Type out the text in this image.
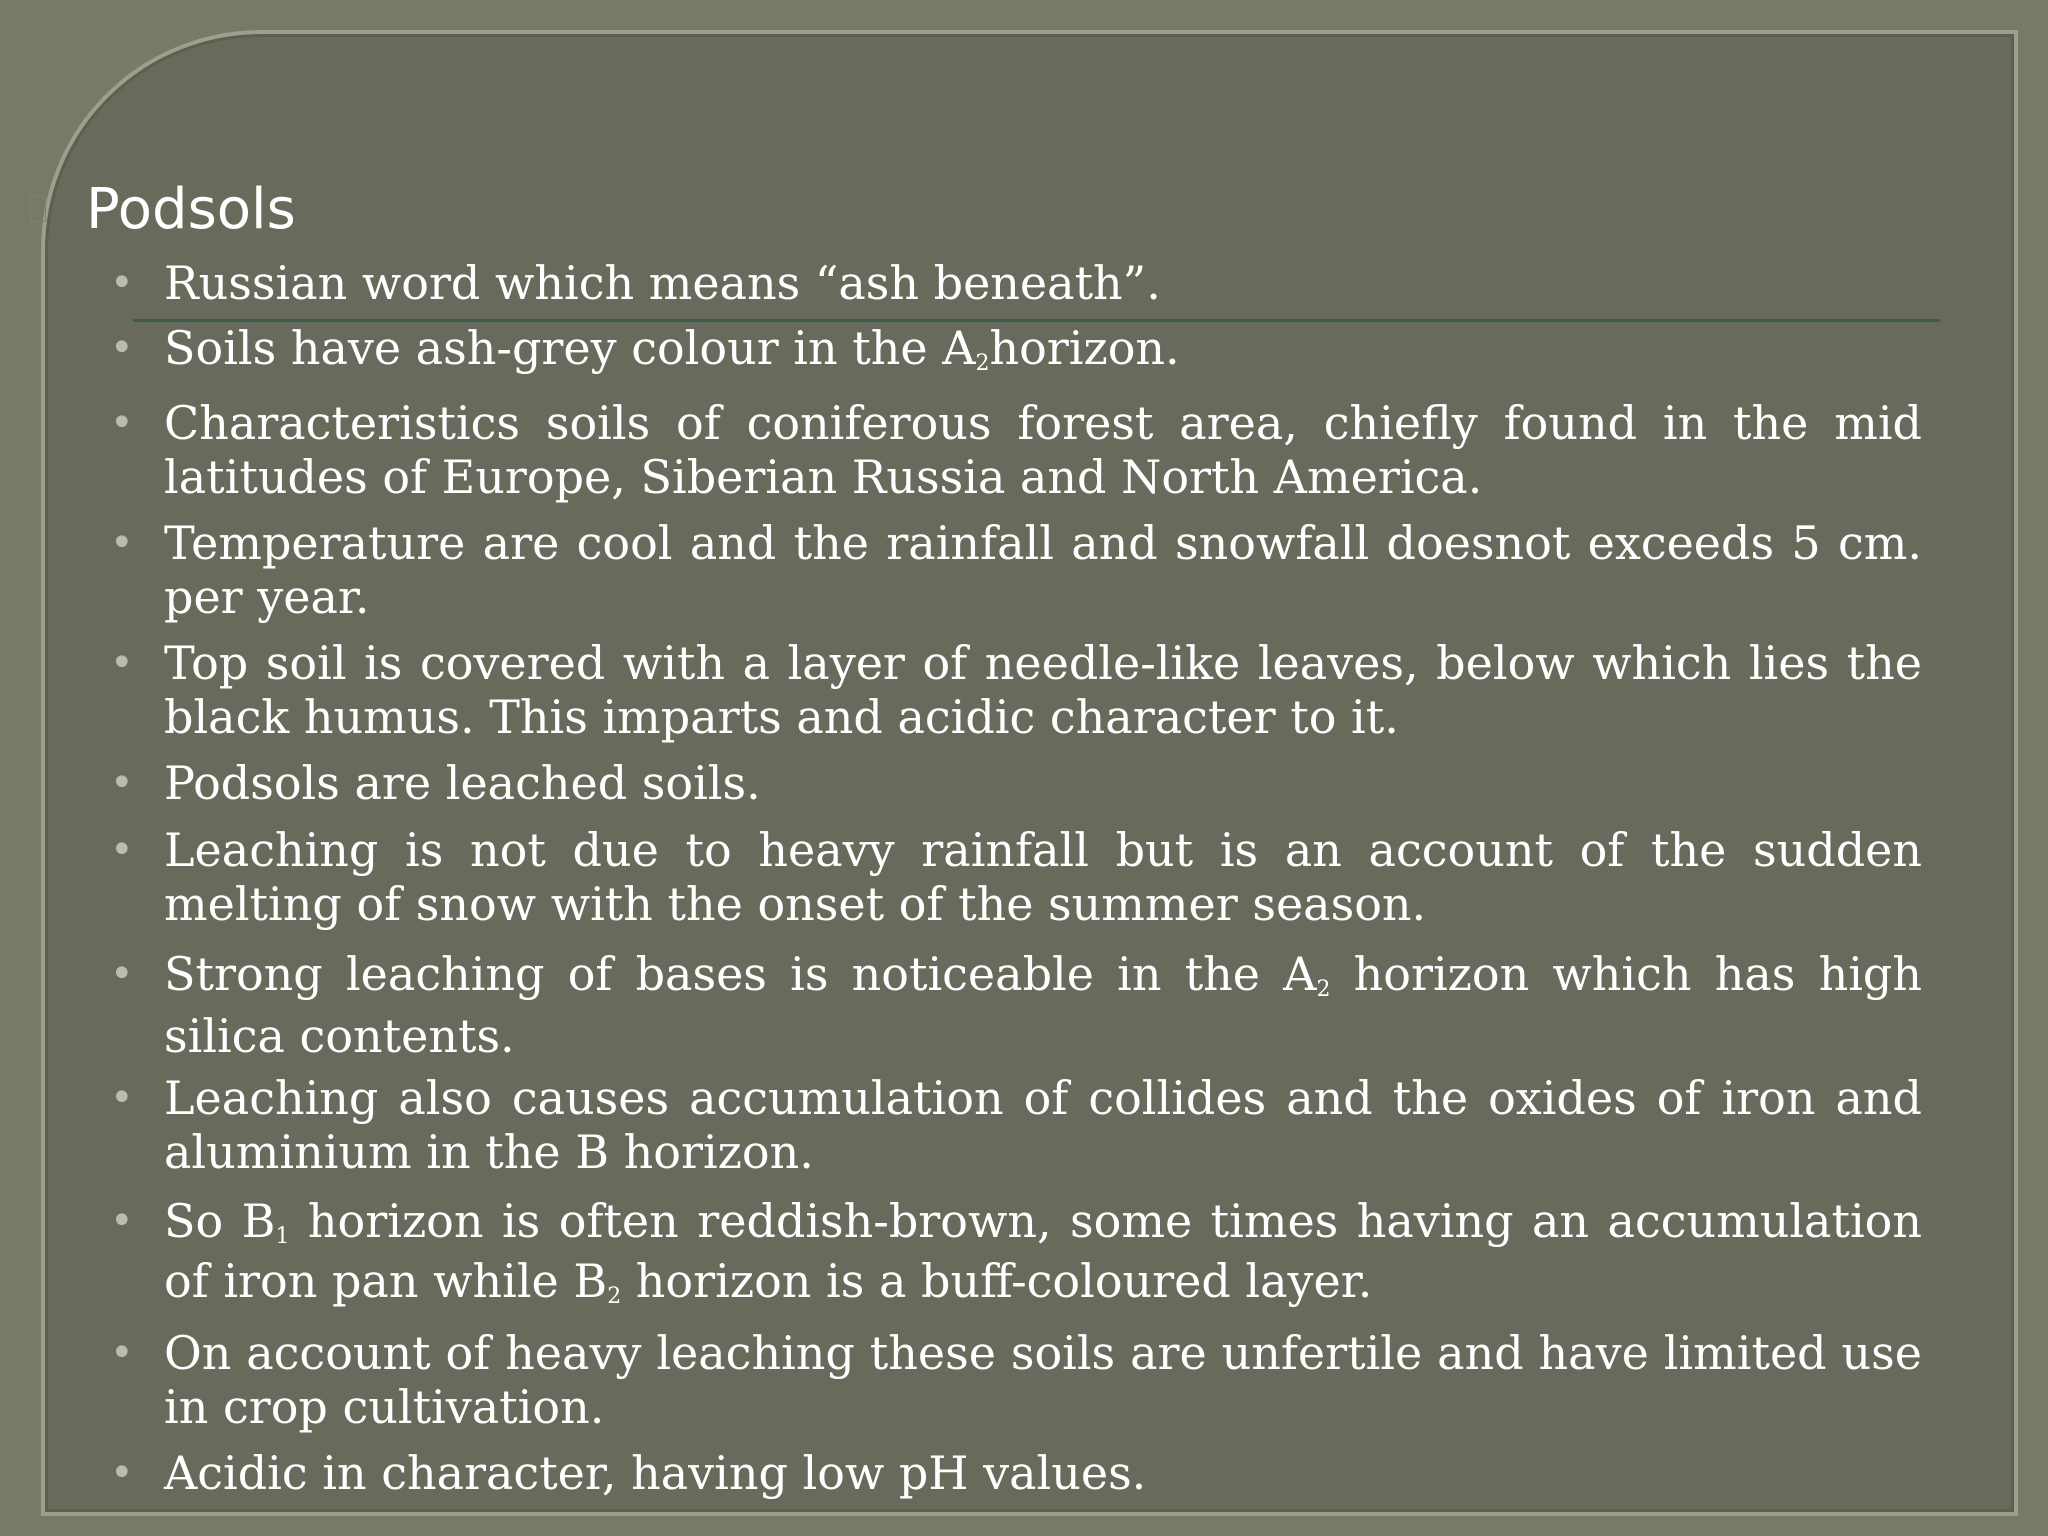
Podsols
• Russian word which means “ash beneath”.
• Soils have ash-grey colour in the $A_2horizon$.
• Characteristics soils of coniferous forest area, chiefly found in the mid latitudes of Europe, Siberian Russia and North America.
• Temperature are cool and the rainfall and snowfall doesnot exceeds 5 cm. per year.
• Top soil is covered with a layer of needle-like leaves, below which lies the black humus. This imparts and acidic character to it.
• Podsols are leached soils.
• Leaching is not due to heavy rainfall but is an account of the sudden melting of snow with the onset of the summer season.
• Strong leaching of bases is noticeable in the $A_2$ horizon which has high silica contents.
• Leaching also causes accumulation of collides and the oxides of iron and aluminium in the B horizon.
• So $B_1$ horizon is often reddish-brown, some times having an accumulation of iron pan while $B_2$ horizon is a buff-coloured layer.
• On account of heavy leaching these soils are unfertile and have limited use in crop cultivation.
• Acidic in character, having low pH values.
